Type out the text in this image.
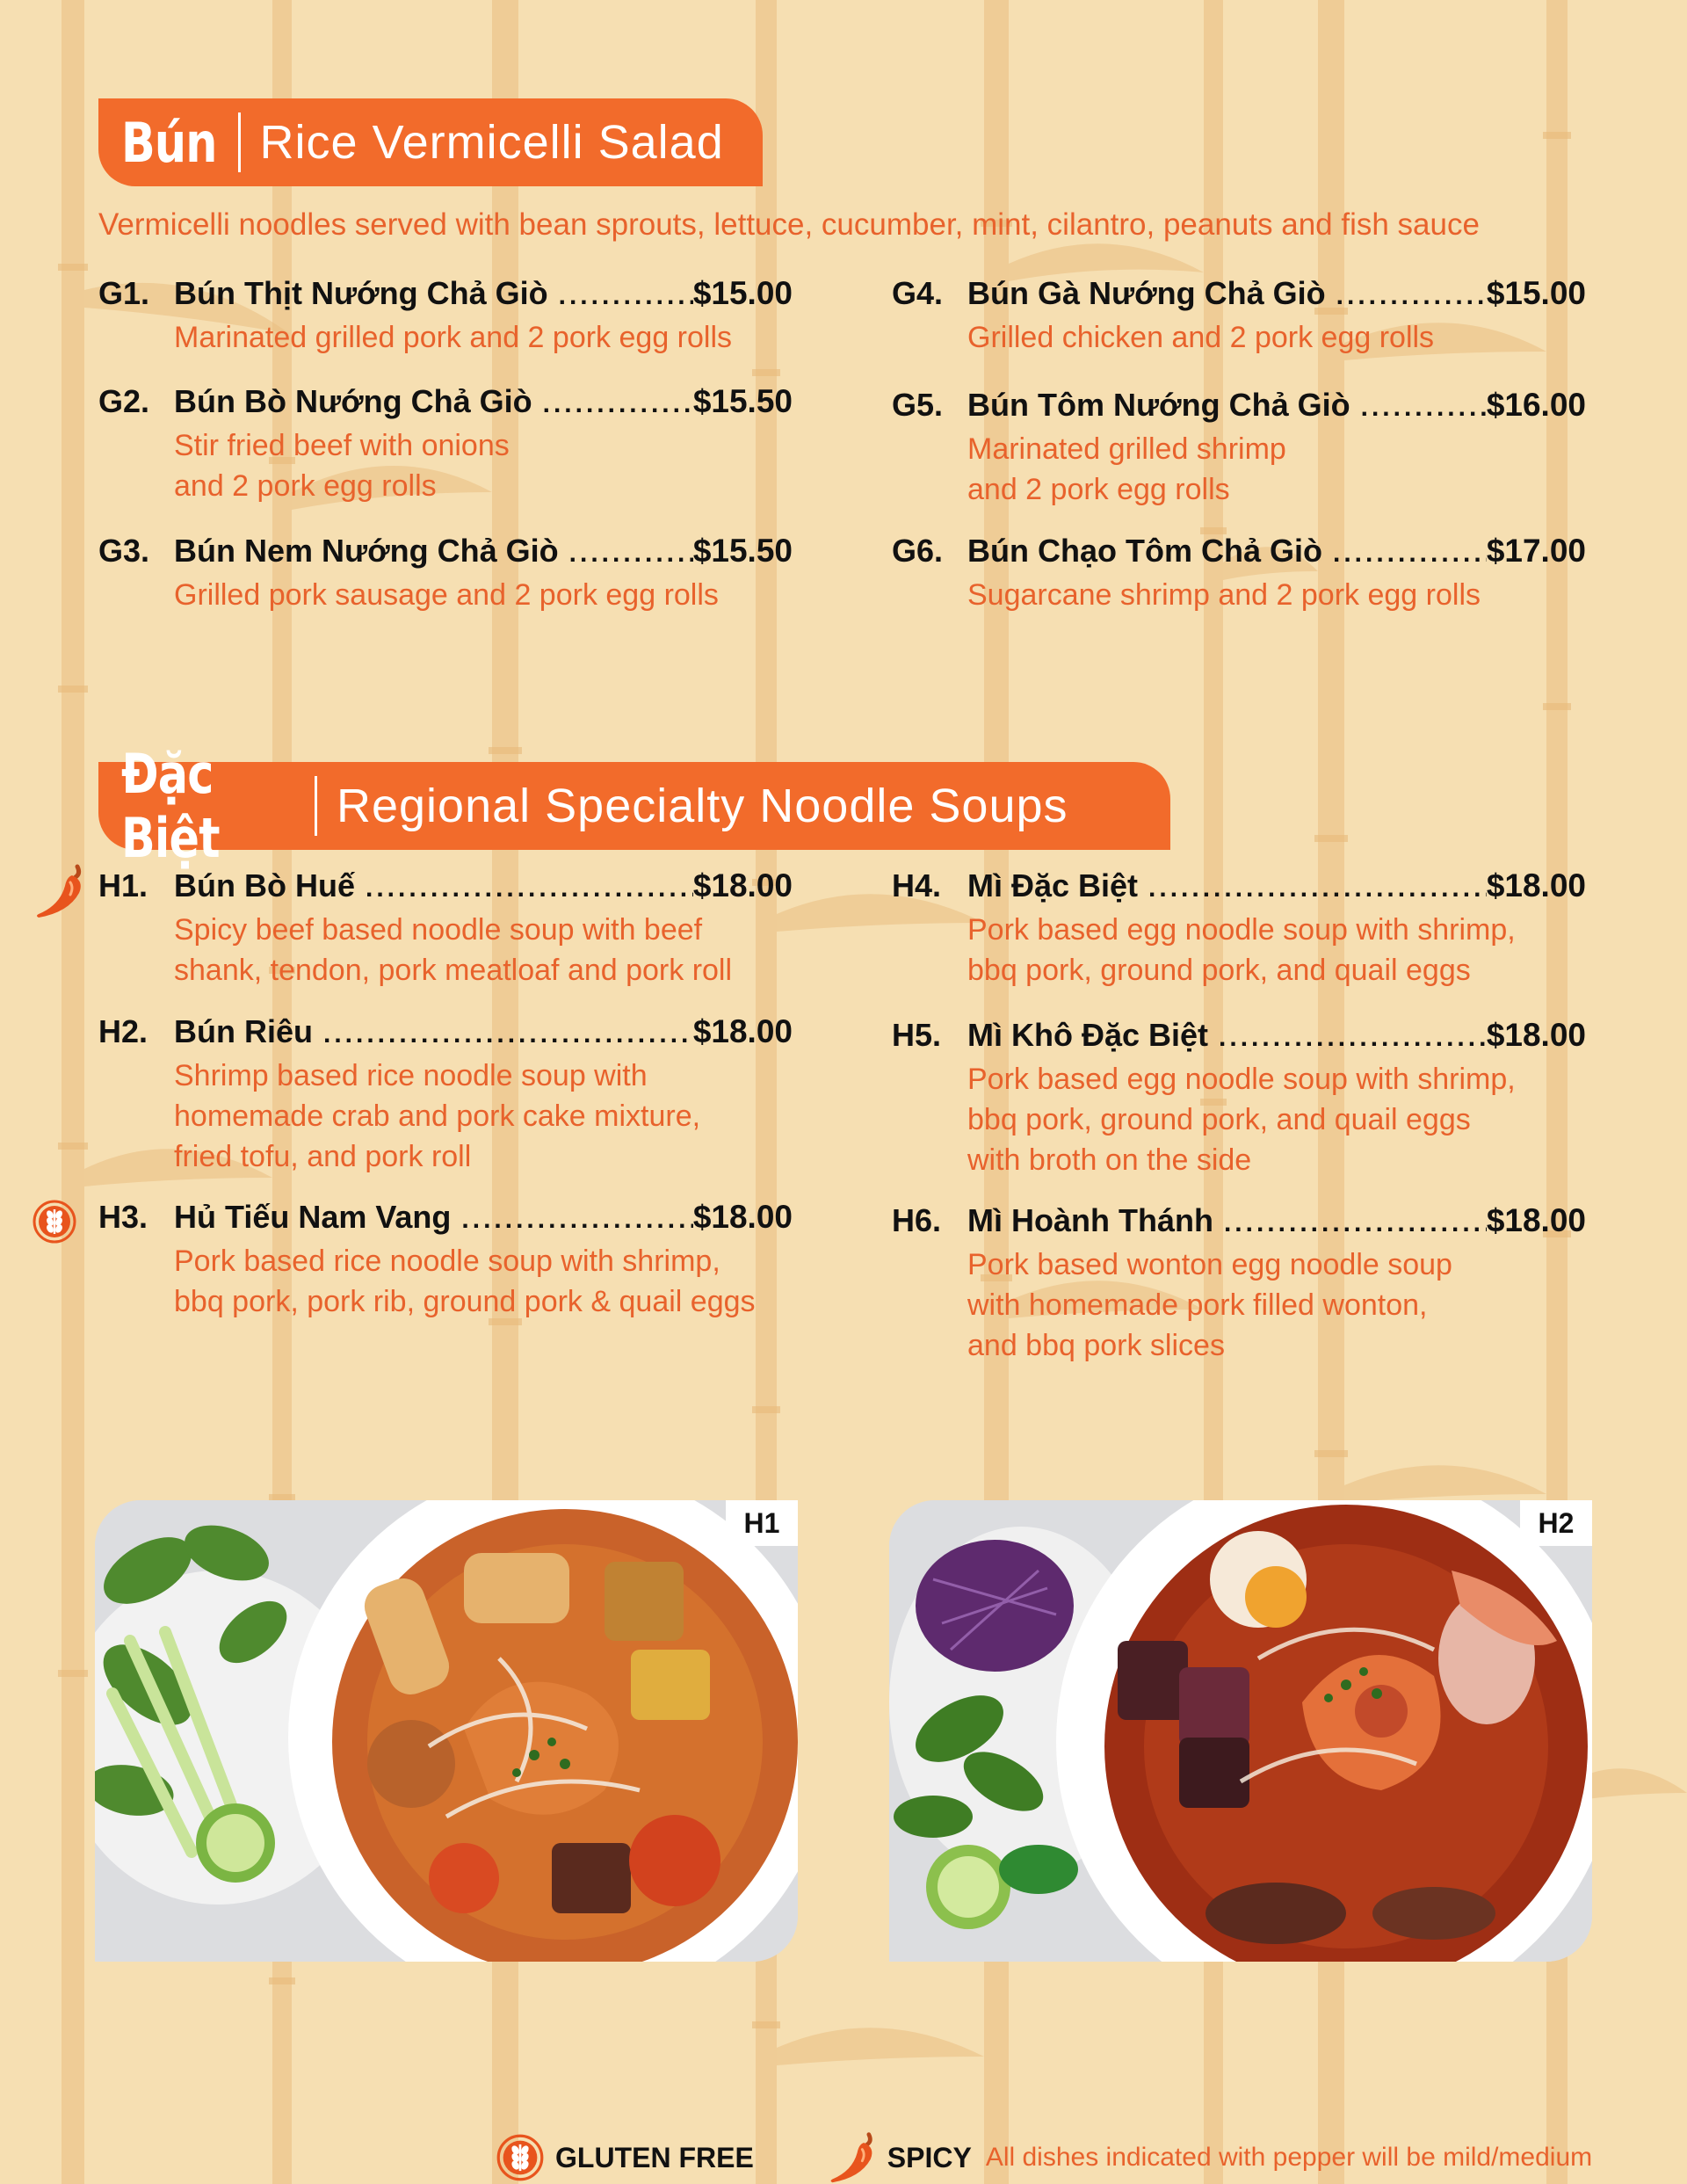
Bún Rice Vermicelli Salad
Vermicelli noodles served with bean sprouts, lettuce, cucumber, mint, cilantro, peanuts and fish sauce
G1. Bún Thịt Nướng Chả Giò .....	$15.00
Marinated grilled pork and 2 pork egg rolls
G2. Bún Bò Nướng Chả Giò .....	$15.50
Stir fried beef with onions
and 2 pork egg rolls
G3. Bún Nem Nướng Chả Giò .....	$15.50
Grilled pork sausage and 2 pork egg rolls
G4. Bún Gà Nướng Chả Giò .....	$15.00
Grilled chicken and 2 pork egg rolls
G5. Bún Tôm Nướng Chả Giò .....	$16.00
Marinated grilled shrimp
and 2 pork egg rolls
G6. Bún Chạo Tôm Chả Giò .....	$17.00
Sugarcane shrimp and 2 pork egg rolls
Đặc Biệt	Regional Specialty Noodle Soups
H1. Bún Bò Huế .....	$18.00
Spicy beef based noodle soup with beef
shank, tendon, pork meatloaf and pork roll
H2. Bún Riêu .....	$18.00
Shrimp based rice noodle soup with
homemade crab and pork cake mixture,
fried tofu, and pork roll
H3. Hủ Tiếu Nam Vang .....	$18.00
Pork based rice noodle soup with shrimp,
bbq pork, pork rib, ground pork & quail eggs
H4. Mì Đặc Biệt .....	$18.00
Pork based egg noodle soup with shrimp,
bbq pork, ground pork, and quail eggs
H5. Mì Khô Đặc Biệt .....	$18.00
Pork based egg noodle soup with shrimp,
bbq pork, ground pork, and quail eggs
with broth on the side
H6. Mì Hoành Thánh .....	$18.00
Pork based wonton egg noodle soup
with homemade pork filled wonton,
and bbq pork slices
H1	H2
GLUTEN FREE	SPICY All dishes indicated with pepper will be mild/medium
